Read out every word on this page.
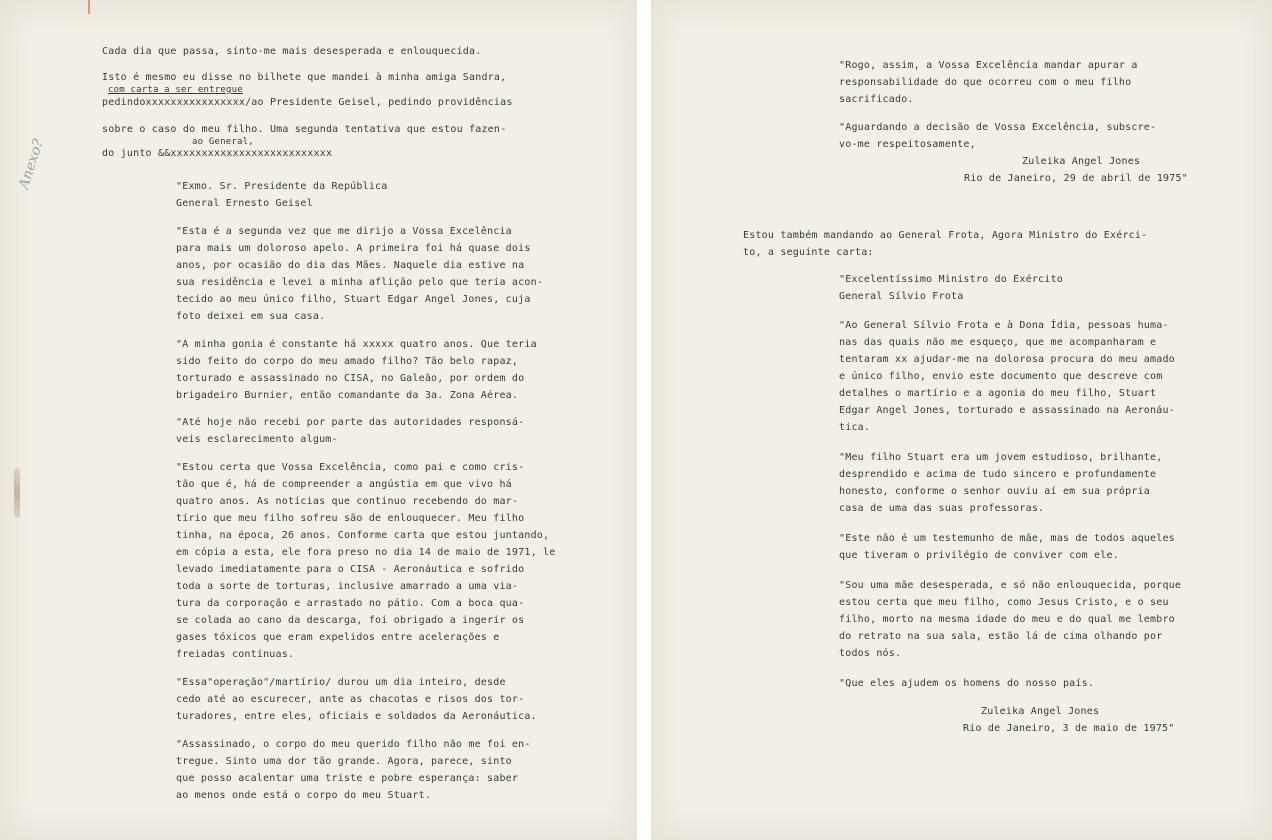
Anexo?
Cada dia que passa, sinto-me mais desesperada e enlouquecida.
Isto é mesmo eu disse no bilhete que mandei à minha amiga Sandra,
com carta a ser entregue
pedindoxxxxxxxxxxxxxxxx/ao Presidente Geisel, pedindo providências
sobre o caso do meu filho. Uma segunda tentativa que estou fazen-
ao General,
do junto &&xxxxxxxxxxxxxxxxxxxxxxxxxx
"Exmo. Sr. Presidente da República
General Ernesto Geisel
"Esta é a segunda vez que me dirijo a Vossa Excelência
para mais um doloroso apelo. A primeira foi há quase dois
anos, por ocasião do dia das Mães. Naquele dia estive na
sua residência e levei a minha aflição pelo que teria acon-
tecido ao meu único filho, Stuart Edgar Angel Jones, cuja
foto deixei em sua casa.
"A minha gonia é constante há xxxxx quatro anos. Que teria
sido feito do corpo do meu amado filho? Tão belo rapaz,
torturado e assassinado no CISA, no Galeão, por ordem do
brigadeiro Burnier, então comandante da 3a. Zona Aérea.
"Até hoje não recebi por parte das autoridades responsá-
veis esclarecimento algum-
"Estou certa que Vossa Excelência, como pai e como cris-
tão que é, há de compreender a angústia em que vivo há
quatro anos. As notícias que continuo recebendo do mar-
tírio que meu filho sofreu são de enlouquecer. Meu filho
tinha, na época, 26 anos. Conforme carta que estou juntando,
em cópia a esta, ele fora preso no dia 14 de maio de 1971, le
levado imediatamente para o CISA - Aeronáutica e sofrido
toda a sorte de torturas, inclusive amarrado a uma via-
tura da corporação e arrastado no pátio. Com a boca qua-
se colada ao cano da descarga, foi obrigado a ingerir os
gases tóxicos que eram expelidos entre acelerações e
freiadas contínuas.
"Essa"operação"/martírio/ durou um dia inteiro, desde
cedo até ao escurecer, ante as chacotas e risos dos tor-
turadores, entre eles, oficiais e soldados da Aeronáutica.
"Assassinado, o corpo do meu querido filho não me foi en-
tregue. Sinto uma dor tão grande. Agora, parece, sinto
que posso acalentar uma triste e pobre esperança: saber
ao menos onde está o corpo do meu Stuart.
"Rogo, assim, a Vossa Excelência mandar apurar a
responsabilidade do que ocorreu com o meu filho
sacrificado.
"Aguardando a decisão de Vossa Excelência, subscre-
vo-me respeitosamente,
Zuleika Angel Jones
Rio de Janeiro, 29 de abril de 1975"
Estou também mandando ao General Frota, Agora Ministro do Exérci-
to, a seguinte carta:
"Excelentíssimo Ministro do Exército
General Sílvio Frota
"Ao General Sílvio Frota e à Dona Ídia, pessoas huma-
nas das quais não me esqueço, que me acompanharam e
tentaram xx ajudar-me na dolorosa procura do meu amado
e único filho, envio este documento que descreve com
detalhes o martírio e a agonia do meu filho, Stuart
Edgar Angel Jones, torturado e assassinado na Aeronáu-
tica.
"Meu filho Stuart era um jovem estudioso, brilhante,
desprendido e acima de tudo sincero e profundamente
honesto, conforme o senhor ouviu aí em sua própria
casa de uma das suas professoras.
"Este não é um testemunho de mãe, mas de todos aqueles
que tiveram o privilégio de conviver com ele.
"Sou uma mãe desesperada, e só não enlouquecida, porque
estou certa que meu filho, como Jesus Cristo, e o seu
filho, morto na mesma idade do meu e do qual me lembro
do retrato na sua sala, estão lá de cima olhando por
todos nós.
"Que eles ajudem os homens do nosso país.
Zuleika Angel Jones
Rio de Janeiro, 3 de maio de 1975"
